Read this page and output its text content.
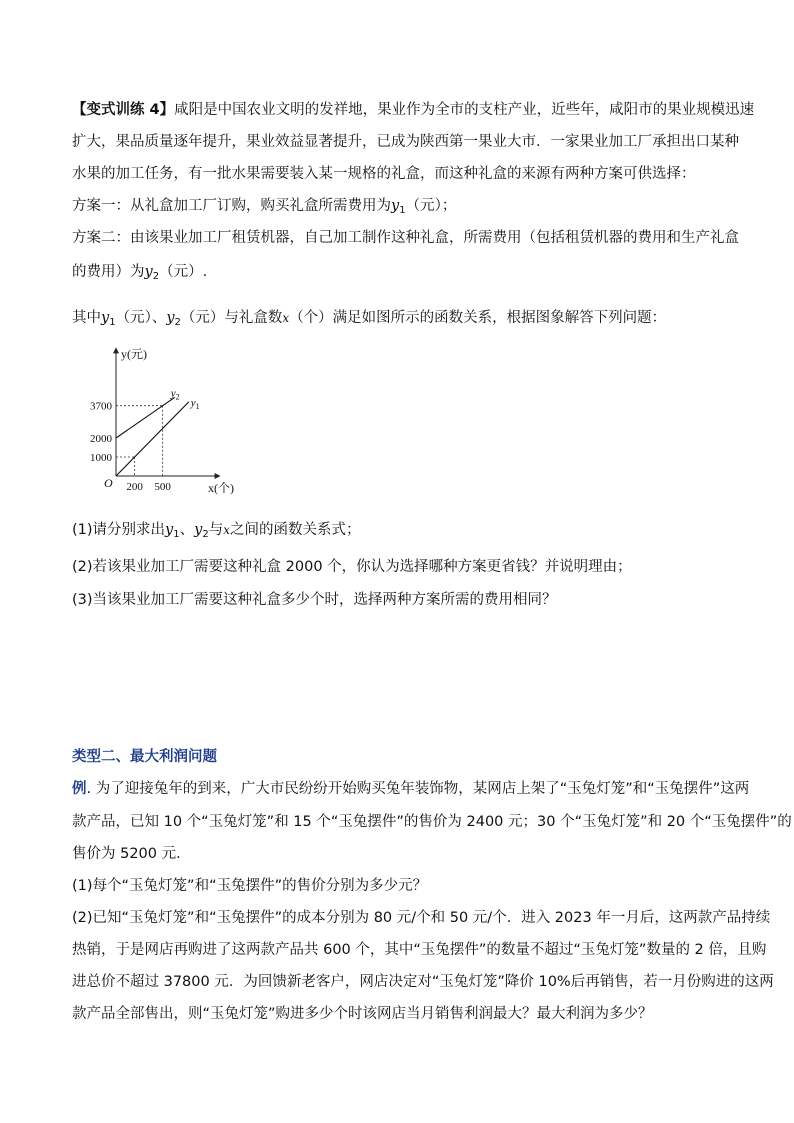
【变式训练 4】咸阳是中国农业文明的发祥地，果业作为全市的支柱产业，近些年，咸阳市的果业规模迅速
扩大，果品质量逐年提升，果业效益显著提升，已成为陕西第一果业大市．一家果业加工厂承担出口某种
水果的加工任务，有一批水果需要装入某一规格的礼盒，而这种礼盒的来源有两种方案可供选择：
方案一：从礼盒加工厂订购，购买礼盒所需费用为$y_1$（元）；
方案二：由该果业加工厂租赁机器，自己加工制作这种礼盒，所需费用（包括租赁机器的费用和生产礼盒
的费用）为$y_2$（元）.
其中$y_1$（元）、$y_2$（元）与礼盒数x（个）满足如图所示的函数关系，根据图象解答下列问题：
y(元)
x(个)
O
1000
2000
3700
200 500
$y_1$
$y_2$
(1)请分别求出$y_1$、$y_2$与x之间的函数关系式；
(2)若该果业加工厂需要这种礼盒 2000 个，你认为选择哪种方案更省钱？并说明理由；
(3)当该果业加工厂需要这种礼盒多少个时，选择两种方案所需的费用相同？
类型二、最大利润问题
例. 为了迎接兔年的到来，广大市民纷纷开始购买兔年装饰物，某网店上架了“玉兔灯笼”和“玉兔摆件”这两
款产品，已知 10 个“玉兔灯笼”和 15 个“玉兔摆件”的售价为 2400 元；30 个“玉兔灯笼”和 20 个“玉兔摆件”的
售价为 5200 元．
(1)每个“玉兔灯笼”和“玉兔摆件”的售价分别为多少元？
(2)已知“玉兔灯笼”和“玉兔摆件”的成本分别为 80 元/个和 50 元/个．进入 2023 年一月后，这两款产品持续
热销，于是网店再购进了这两款产品共 600 个，其中“玉兔摆件”的数量不超过“玉兔灯笼”数量的 2 倍，且购
进总价不超过 37800 元．为回馈新老客户，网店决定对“玉兔灯笼”降价 10%后再销售，若一月份购进的这两
款产品全部售出，则“玉兔灯笼”购进多少个时该网店当月销售利润最大？最大利润为多少？
